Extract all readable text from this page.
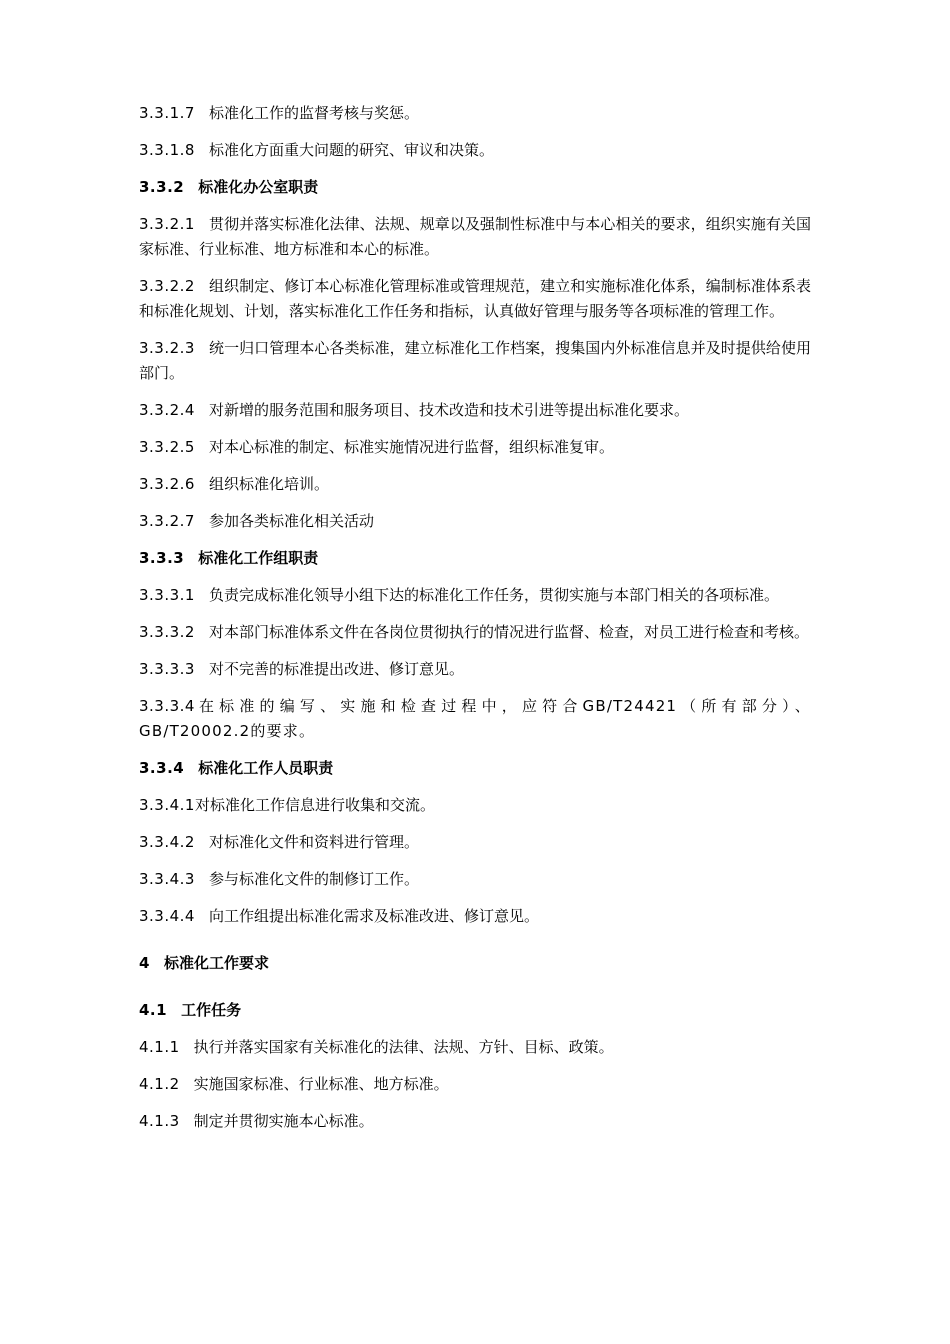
3.3.1.7 标准化工作的监督考核与奖惩。

3.3.1.8 标准化方面重大问题的研究、审议和决策。

3.3.2 标准化办公室职责

3.3.2.1 贯彻并落实标准化法律、法规、规章以及强制性标准中与本心相关的要求，组织实施有关国家标准、行业标准、地方标准和本心的标准。

3.3.2.2 组织制定、修订本心标准化管理标准或管理规范，建立和实施标准化体系，编制标准体系表和标准化规划、计划，落实标准化工作任务和指标，认真做好管理与服务等各项标准的管理工作。

3.3.2.3 统一归口管理本心各类标准，建立标准化工作档案，搜集国内外标准信息并及时提供给使用部门。

3.3.2.4 对新增的服务范围和服务项目、技术改造和技术引进等提出标准化要求。

3.3.2.5 对本心标准的制定、标准实施情况进行监督，组织标准复审。

3.3.2.6 组织标准化培训。

3.3.2.7 参加各类标准化相关活动

3.3.3 标准化工作组职责

3.3.3.1 负责完成标准化领导小组下达的标准化工作任务，贯彻实施与本部门相关的各项标准。

3.3.3.2 对本部门标准体系文件在各岗位贯彻执行的情况进行监督、检查，对员工进行检查和考核。

3.3.3.3 对不完善的标准提出改进、修订意见。

3.3.3.4在标准的编写、实施和检查过程中，应符合GB/T24421（所有部分）、GB/T20002.2的要求。

3.3.4 标准化工作人员职责

3.3.4.1对标准化工作信息进行收集和交流。

3.3.4.2 对标准化文件和资料进行管理。

3.3.4.3 参与标准化文件的制修订工作。

3.3.4.4 向工作组提出标准化需求及标准改进、修订意见。

4 标准化工作要求

4.1 工作任务

4.1.1 执行并落实国家有关标准化的法律、法规、方针、目标、政策。

4.1.2 实施国家标准、行业标准、地方标准。

4.1.3 制定并贯彻实施本心标准。
